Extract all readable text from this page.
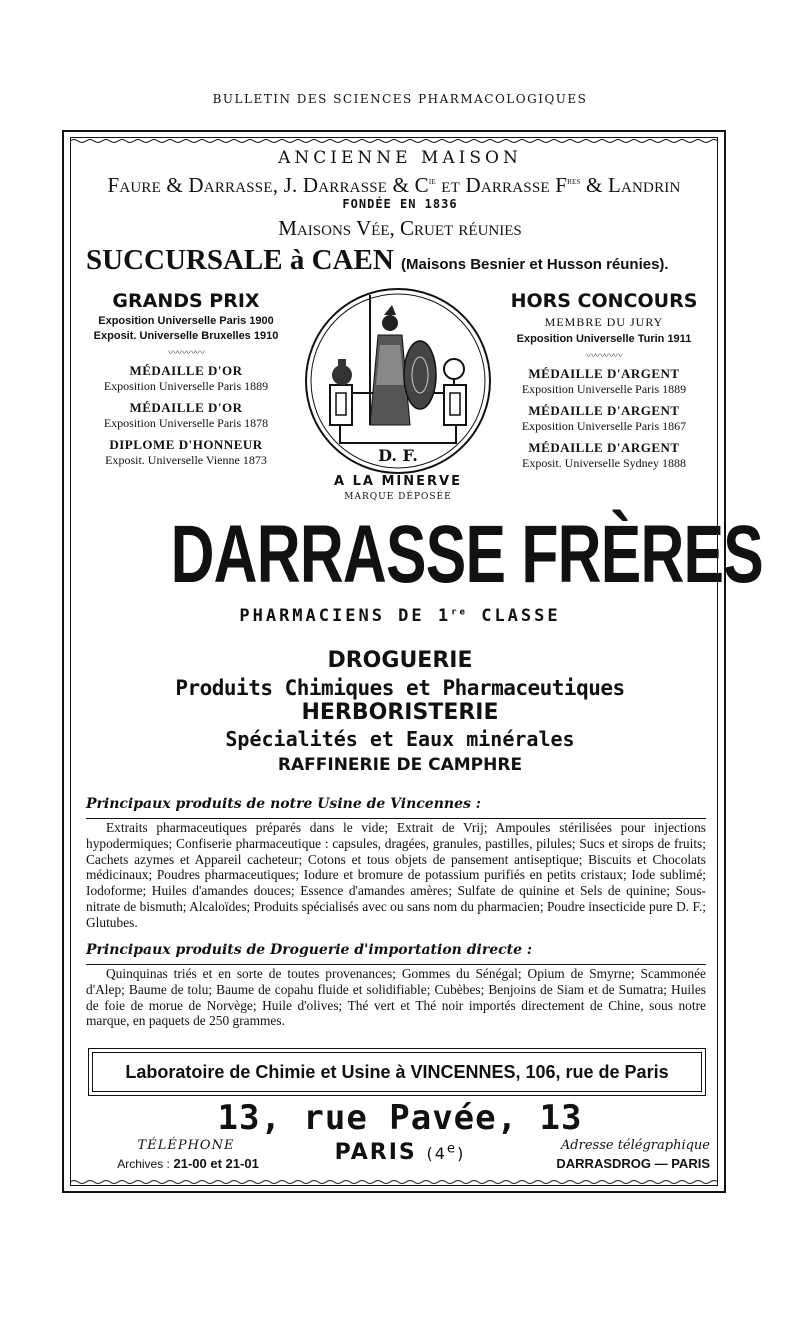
BULLETIN DES SCIENCES PHARMACOLOGIQUES
ANCIENNE MAISON
Faure & Darrasse, J. Darrasse & $C^{ie}$ et Darrasse $F^{res}$ & Landrin
FONDÉE EN 1836
Maisons Vée, Cruet réunies
SUCCURSALE à CAEN (Maisons Besnier et Husson réunies).
GRANDS PRIX
Exposition Universelle Paris 1900
Exposit. Universelle Bruxelles 1910
〰〰〰〰
MÉDAILLE D'OR
Exposition Universelle Paris 1889
MÉDAILLE D'OR
Exposition Universelle Paris 1878
DIPLOME D'HONNEUR
Exposit. Universelle Vienne 1873
HORS CONCOURS
MEMBRE DU JURY
Exposition Universelle Turin 1911
〰〰〰〰
MÉDAILLE D'ARGENT
Exposition Universelle Paris 1889
MÉDAILLE D'ARGENT
Exposition Universelle Paris 1867
MÉDAILLE D'ARGENT
Exposit. Universelle Sydney 1888
D. F.
A LA MINERVE
MARQUE DÉPOSÉE
DARRASSE FRÈRES
PHARMACIENS DE 1re CLASSE
DROGUERIE
Produits Chimiques et Pharmaceutiques
HERBORISTERIE
Spécialités et Eaux minérales
RAFFINERIE DE CAMPHRE
Principaux produits de notre Usine de Vincennes :
Extraits pharmaceutiques préparés dans le vide; Extrait de Vrij; Ampoules stérilisées pour injections hypodermiques; Confiserie pharmaceutique : capsules, dragées, granules, pastilles, pilules; Sucs et sirops de fruits; Cachets azymes et Appareil cacheteur; Cotons et tous objets de pansement antiseptique; Biscuits et Chocolats médicinaux; Poudres pharmaceutiques; Iodure et bromure de potassium purifiés en petits cristaux; Iode sublimé; Iodoforme; Huiles d'amandes douces; Essence d'amandes amères; Sulfate de quinine et Sels de quinine; Sous-nitrate de bismuth; Alcaloïdes; Produits spécialisés avec ou sans nom du pharmacien; Poudre insecticide pure D. F.; Glutubes.
Principaux produits de Droguerie d'importation directe :
Quinquinas triés et en sorte de toutes provenances; Gommes du Sénégal; Opium de Smyrne; Scammonée d'Alep; Baume de tolu; Baume de copahu fluide et solidifiable; Cubèbes; Benjoins de Siam et de Sumatra; Huiles de foie de morue de Norvège; Huile d'olives; Thé vert et Thé noir importés directement de Chine, sous notre marque, en paquets de 250 grammes.
Laboratoire de Chimie et Usine à VINCENNES, 106, rue de Paris
13, rue Pavée, 13
TÉLÉPHONE
Archives : 21-00 et 21-01	PARIS (4e)	Adresse télégraphique
DARRASDROG — PARIS
